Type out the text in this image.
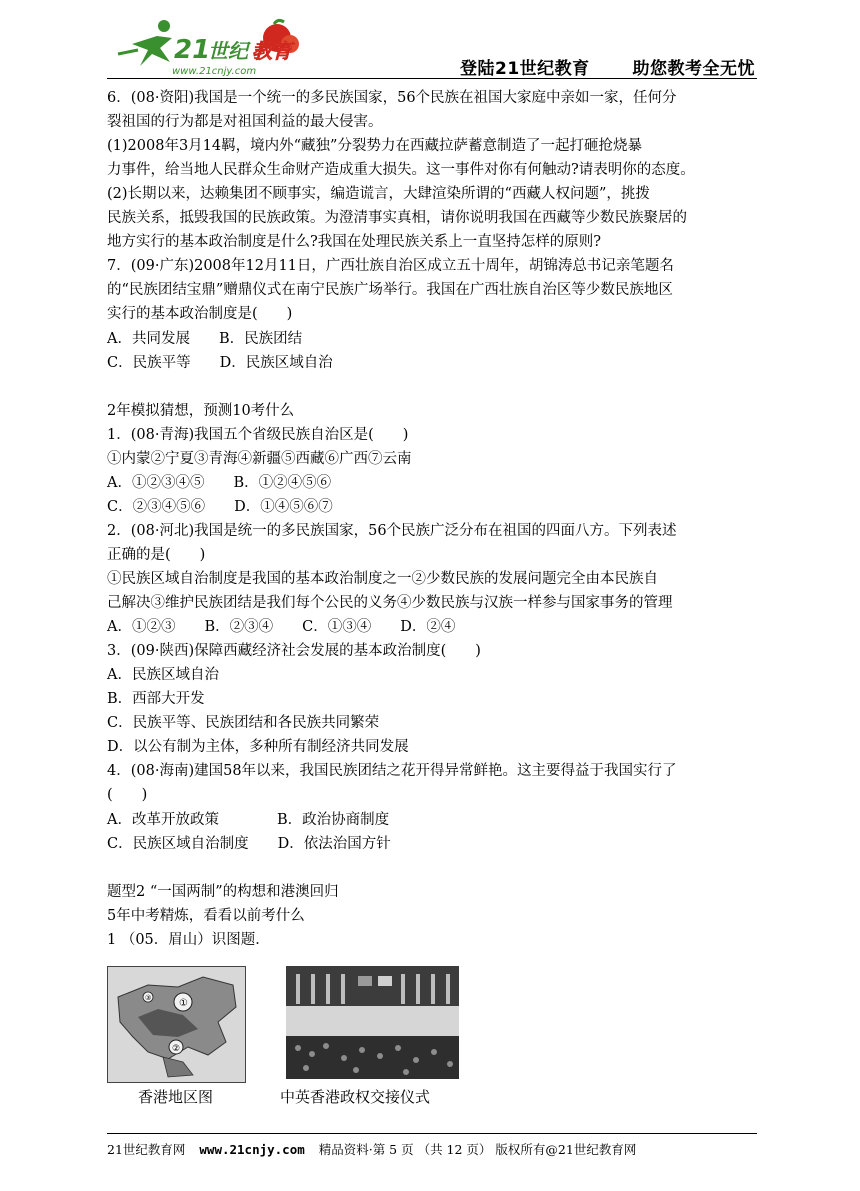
21
世纪 教育
www.21cnjy.com	登陆21世纪教育	助您教考全无忧
6．(08·资阳)我国是一个统一的多民族国家，56个民族在祖国大家庭中亲如一家，任何分
裂祖国的行为都是对祖国利益的最大侵害。
(1)2008年3月14羁，境内外“藏独”分裂势力在西藏拉萨蓄意制造了一起打砸抢烧暴
力事件，给当地人民群众生命财产造成重大损失。这一事件对你有何触动?请表明你的态度。
(2)长期以来，达赖集团不顾事实，编造谎言，大肆渲染所谓的“西藏人权问题”，挑拨
民族关系，抵毁我国的民族政策。为澄清事实真相，请你说明我国在西藏等少数民族聚居的
地方实行的基本政治制度是什么?我国在处理民族关系上一直坚持怎样的原则?
7．(09·广东)2008年12月11日，广西壮族自治区成立五十周年，胡锦涛总书记亲笔题名
的“民族团结宝鼎”赠鼎仪式在南宁民族广场举行。我国在广西壮族自治区等少数民族地区
实行的基本政治制度是(　　)
A．共同发展　　B．民族团结
C．民族平等　　D．民族区域自治
2年模拟猜想，预测10考什么
1．(08·青海)我国五个省级民族自治区是(　　)
①内蒙②宁夏③青海④新疆⑤西藏⑥广西⑦云南
A．①②③④⑤　　B．①②④⑤⑥
C．②③④⑤⑥　　D．①④⑤⑥⑦
2．(08·河北)我国是统一的多民族国家，56个民族广泛分布在祖国的四面八方。下列表述
正确的是(　　)
①民族区域自治制度是我国的基本政治制度之一②少数民族的发展问题完全由本民族自
己解决③维护民族团结是我们每个公民的义务④少数民族与汉族一样参与国家事务的管理
A．①②③　　B．②③④　　C．①③④　　D．②④
3．(09·陕西)保障西藏经济社会发展的基本政治制度(　　)
A．民族区域自治
B．西部大开发
C．民族平等、民族团结和各民族共同繁荣
D．以公有制为主体，多种所有制经济共同发展
4．(08·海南)建国58年以来，我国民族团结之花开得异常鲜艳。这主要得益于我国实行了
(　　)
A．改革开放政策　　　　B．政治协商制度
C．民族区域自治制度　　D．依法治国方针
题型2 “一国两制”的构想和港澳回归
5年中考精炼，看看以前考什么
1 （05．眉山）识图题．
①
②
③
香港地区图	中英香港政权交接仪式
21世纪教育网 www.21cnjy.com 精品资料·第 5 页 （共 12 页） 版权所有@21世纪教育网
